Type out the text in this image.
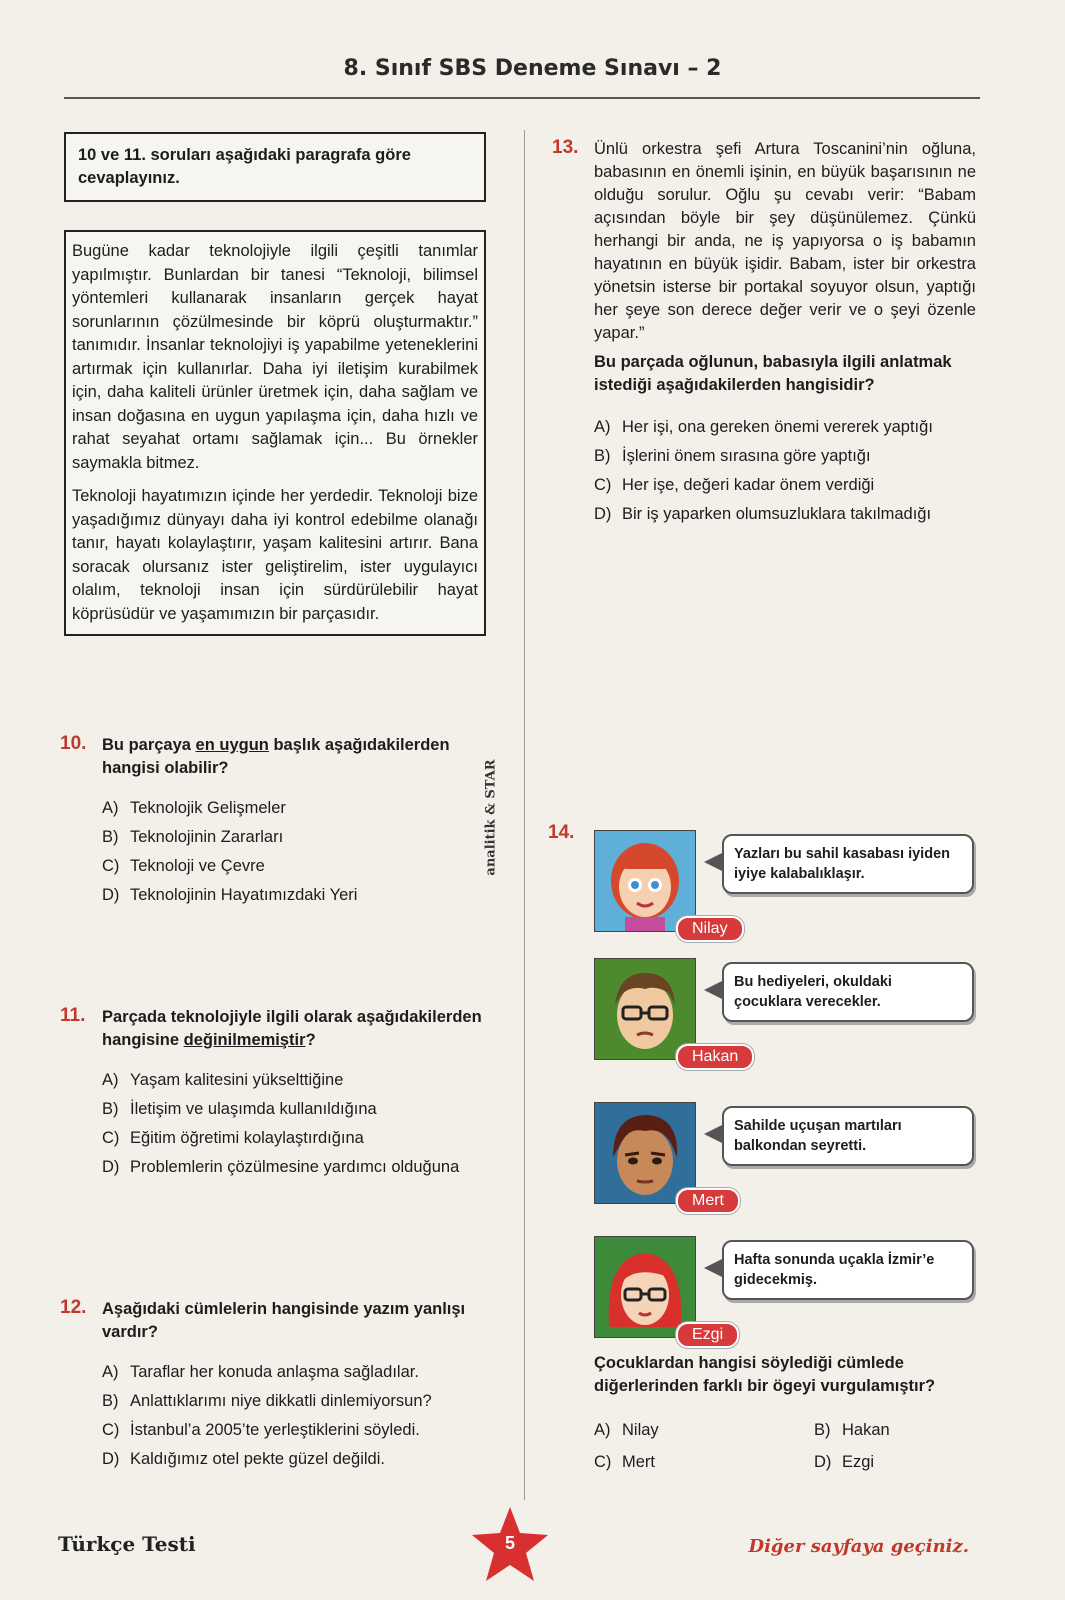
8. Sınıf SBS Deneme Sınavı – 2
analitik & STAR
10 ve 11. soruları aşağıdaki paragrafa göre cevaplayınız.

Bugüne kadar teknolojiyle ilgili çeşitli tanımlar yapılmıştır. Bunlardan bir tanesi “Teknoloji, bilimsel yöntemleri kullanarak insanların gerçek hayat sorunlarının çözülmesinde bir köprü oluşturmaktır.” tanımıdır. İnsanlar teknolojiyi iş yapabilme yeteneklerini artırmak için kullanırlar. Daha iyi iletişim kurabilmek için, daha kaliteli ürünler üretmek için, daha sağlam ve insan doğasına en uygun yapılaşma için, daha hızlı ve rahat seyahat ortamı sağlamak için... Bu örnekler saymakla bitmez.

Teknoloji hayatımızın içinde her yerdedir. Teknoloji bize yaşadığımız dünyayı daha iyi kontrol edebilme olanağı tanır, hayatı kolaylaştırır, yaşam kalitesini artırır. Bana soracak olursanız ister geliştirelim, ister uygulayıcı olalım, teknoloji insan için sürdürülebilir hayat köprüsüdür ve yaşamımızın bir parçasıdır.

10. Bu parçaya en uygun başlık aşağıdakilerden hangisi olabilir?
A) Teknolojik Gelişmeler
B) Teknolojinin Zararları
C) Teknoloji ve Çevre
D) Teknolojinin Hayatımızdaki Yeri
11. Parçada teknolojiyle ilgili olarak aşağıdakilerden hangisine değinilmemiştir?
A) Yaşam kalitesini yükselttiğine
B) İletişim ve ulaşımda kullanıldığına
C) Eğitim öğretimi kolaylaştırdığına
D) Problemlerin çözülmesine yardımcı olduğuna
12. Aşağıdaki cümlelerin hangisinde yazım yanlışı vardır?
A) Taraflar her konuda anlaşma sağladılar.
B) Anlattıklarımı niye dikkatli dinlemiyorsun?
C) İstanbul’a 2005’te yerleştiklerini söyledi.
D) Kaldığımız otel pekte güzel değildi.
13. Ünlü orkestra şefi Artura Toscanini’nin oğluna, babasının en önemli işinin, en büyük başarısının ne olduğu sorulur. Oğlu şu cevabı verir: “Babam açısından böyle bir şey düşünülemez. Çünkü herhangi bir anda, ne iş yapıyorsa o iş babamın hayatının en büyük işidir. Babam, ister bir orkestra yönetsin isterse bir portakal soyuyor olsun, yaptığı her şeye son derece değer verir ve o şeyi özenle yapar.”
Bu parçada oğlunun, babasıyla ilgili anlatmak istediği aşağıdakilerden hangisidir?
A) Her işi, ona gereken önemi vererek yaptığı
B) İşlerini önem sırasına göre yaptığı
C) Her işe, değeri kadar önem verdiği
D) Bir iş yaparken olumsuzluklara takılmadığı
14.
Nilay
Yazları bu sahil kasabası iyiden iyiye kalabalıklaşır.
Hakan
Bu hediyeleri, okuldaki çocuklara verecekler.
Mert
Sahilde uçuşan martıları balkondan seyretti.
Ezgi
Hafta sonunda uçakla İzmir’e gidecekmiş.
Çocuklardan hangisi söylediği cümlede diğerlerinden farklı bir ögeyi vurgulamıştır?
A) Nilay	B) Hakan
C) Mert	D) Ezgi
Türkçe Testi	5	Diğer sayfaya geçiniz.
